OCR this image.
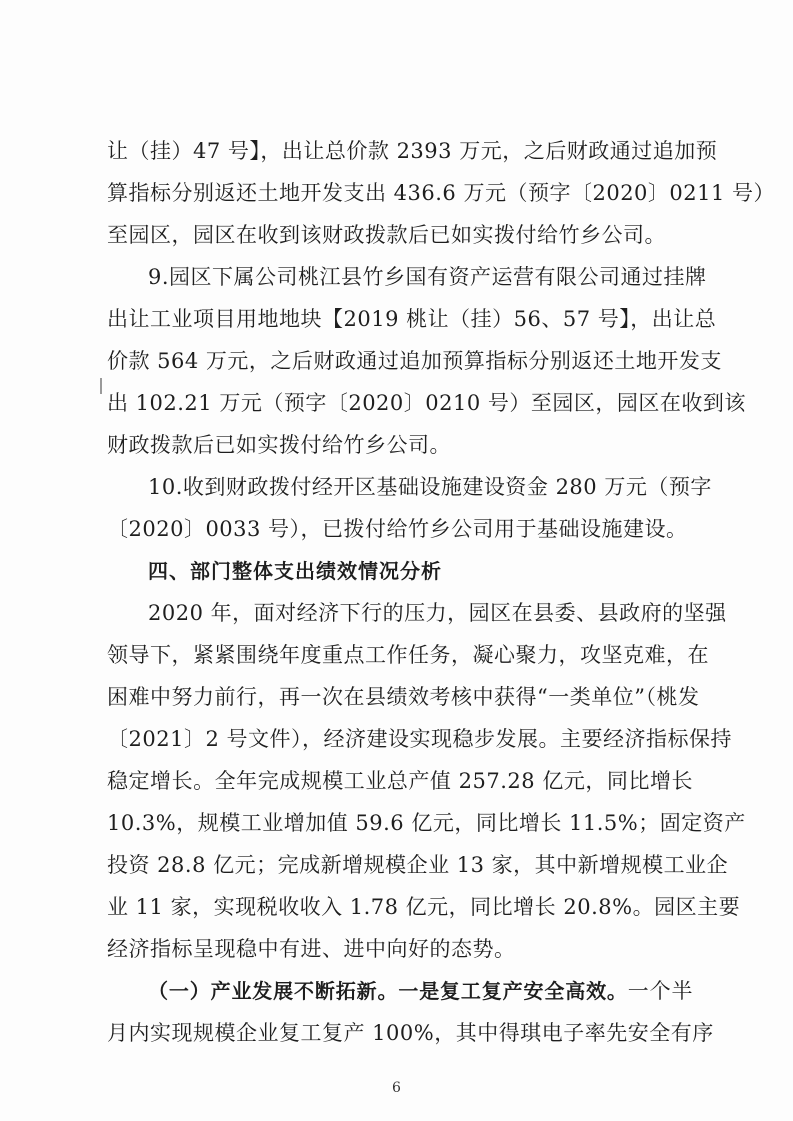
让（挂）47 号】，出让总价款 2393 万元，之后财政通过追加预
算指标分别返还土地开发支出 436.6 万元（预字〔2020〕0211 号）
至园区，园区在收到该财政拨款后已如实拨付给竹乡公司。
9.园区下属公司桃江县竹乡国有资产运营有限公司通过挂牌
出让工业项目用地地块【2019 桃让（挂）56、57 号】，出让总
价款 564 万元，之后财政通过追加预算指标分别返还土地开发支
出 102.21 万元（预字〔2020〕0210 号）至园区，园区在收到该
财政拨款后已如实拨付给竹乡公司。
10.收到财政拨付经开区基础设施建设资金 280 万元（预字
〔2020〕0033 号），已拨付给竹乡公司用于基础设施建设。
四、部门整体支出绩效情况分析
2020 年，面对经济下行的压力，园区在县委、县政府的坚强
领导下，紧紧围绕年度重点工作任务，凝心聚力，攻坚克难，在
困难中努力前行，再一次在县绩效考核中获得“一类单位”（桃发
〔2021〕2 号文件），经济建设实现稳步发展。主要经济指标保持
稳定增长。全年完成规模工业总产值 257.28 亿元，同比增长
10.3%，规模工业增加值 59.6 亿元，同比增长 11.5%；固定资产
投资 28.8 亿元；完成新增规模企业 13 家，其中新增规模工业企
业 11 家，实现税收收入 1.78 亿元，同比增长 20.8%。园区主要
经济指标呈现稳中有进、进中向好的态势。
（一）产业发展不断拓新。一是复工复产安全高效。一个半
月内实现规模企业复工复产 100%，其中得琪电子率先安全有序
6
